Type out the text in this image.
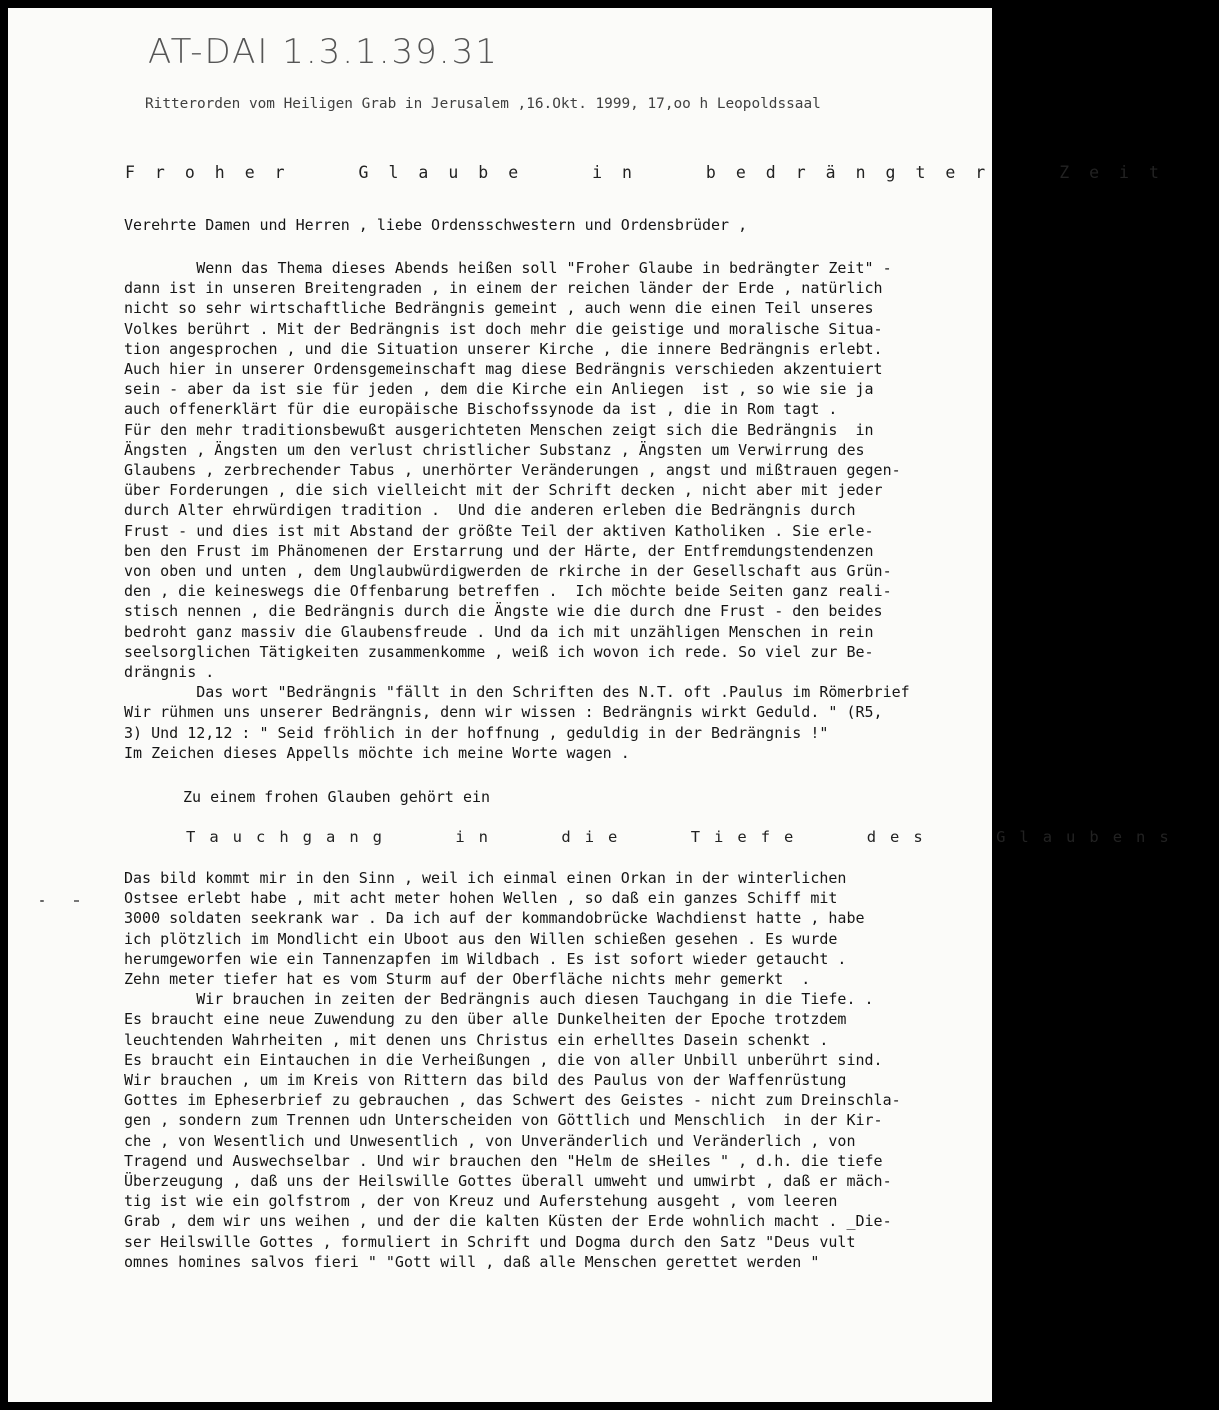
AT-DAI 1.3.1.39.31
Ritterorden vom Heiligen Grab in Jerusalem ,16.Okt. 1999, 17,oo h Leopoldssaal
Froher	Glaube	in	bedrängter	Zeit
Verehrte Damen und Herren , liebe Ordensschwestern und Ordensbrüder ,
Wenn das Thema dieses Abends heißen soll "Froher Glaube in bedrängter Zeit" -
dann ist in unseren Breitengraden , in einem der reichen länder der Erde , natürlich
nicht so sehr wirtschaftliche Bedrängnis gemeint , auch wenn die einen Teil unseres
Volkes berührt . Mit der Bedrängnis ist doch mehr die geistige und moralische Situa-
tion angesprochen , und die Situation unserer Kirche , die innere Bedrängnis erlebt.
Auch hier in unserer Ordensgemeinschaft mag diese Bedrängnis verschieden akzentuiert
sein - aber da ist sie für jeden , dem die Kirche ein Anliegen  ist , so wie sie ja
auch offenerklärt für die europäische Bischofssynode da ist , die in Rom tagt .
Für den mehr traditionsbewußt ausgerichteten Menschen zeigt sich die Bedrängnis  in
Ängsten , Ängsten um den verlust christlicher Substanz , Ängsten um Verwirrung des
Glaubens , zerbrechender Tabus , unerhörter Veränderungen , angst und mißtrauen gegen-
über Forderungen , die sich vielleicht mit der Schrift decken , nicht aber mit jeder
durch Alter ehrwürdigen tradition .  Und die anderen erleben die Bedrängnis durch
Frust - und dies ist mit Abstand der größte Teil der aktiven Katholiken . Sie erle-
ben den Frust im Phänomenen der Erstarrung und der Härte, der Entfremdungstendenzen
von oben und unten , dem Unglaubwürdigwerden de rkirche in der Gesellschaft aus Grün-
den , die keineswegs die Offenbarung betreffen .  Ich möchte beide Seiten ganz reali-
stisch nennen , die Bedrängnis durch die Ängste wie die durch dne Frust - den beides
bedroht ganz massiv die Glaubensfreude . Und da ich mit unzähligen Menschen in rein
seelsorglichen Tätigkeiten zusammenkomme , weiß ich wovon ich rede. So viel zur Be-
drängnis .
Das wort "Bedrängnis "fällt in den Schriften des N.T. oft .Paulus im Römerbrief
Wir rühmen uns unserer Bedrängnis, denn wir wissen : Bedrängnis wirkt Geduld. " (R5,
3) Und 12,12 : " Seid fröhlich in der hoffnung , geduldig in der Bedrängnis !"
Im Zeichen dieses Appells möchte ich meine Worte wagen .
Zu einem frohen Glauben gehört ein
Tauchgang	in	die	Tiefe	des	Glaubens
Das bild kommt mir in den Sinn , weil ich einmal einen Orkan in der winterlichen
Ostsee erlebt habe , mit acht meter hohen Wellen , so daß ein ganzes Schiff mit
3000 soldaten seekrank war . Da ich auf der kommandobrücke Wachdienst hatte , habe
ich plötzlich im Mondlicht ein Uboot aus den Willen schießen gesehen . Es wurde
herumgeworfen wie ein Tannenzapfen im Wildbach . Es ist sofort wieder getaucht .
Zehn meter tiefer hat es vom Sturm auf der Oberfläche nichts mehr gemerkt  .
Wir brauchen in zeiten der Bedrängnis auch diesen Tauchgang in die Tiefe. .
Es braucht eine neue Zuwendung zu den über alle Dunkelheiten der Epoche trotzdem
leuchtenden Wahrheiten , mit denen uns Christus ein erhelltes Dasein schenkt .
Es braucht ein Eintauchen in die Verheißungen , die von aller Unbill unberührt sind.
Wir brauchen , um im Kreis von Rittern das bild des Paulus von der Waffenrüstung
Gottes im Epheserbrief zu gebrauchen , das Schwert des Geistes - nicht zum Dreinschla-
gen , sondern zum Trennen udn Unterscheiden von Göttlich und Menschlich  in der Kir-
che , von Wesentlich und Unwesentlich , von Unveränderlich und Veränderlich , von
Tragend und Auswechselbar . Und wir brauchen den "Helm de sHeiles " , d.h. die tiefe
Überzeugung , daß uns der Heilswille Gottes überall umweht und umwirbt , daß er mäch-
tig ist wie ein golfstrom , der von Kreuz und Auferstehung ausgeht , vom leeren
Grab , dem wir uns weihen , und der die kalten Küsten der Erde wohnlich macht . _Die-
ser Heilswille Gottes , formuliert in Schrift und Dogma durch den Satz "Deus vult
omnes homines salvos fieri " "Gott will , daß alle Menschen gerettet werden "
